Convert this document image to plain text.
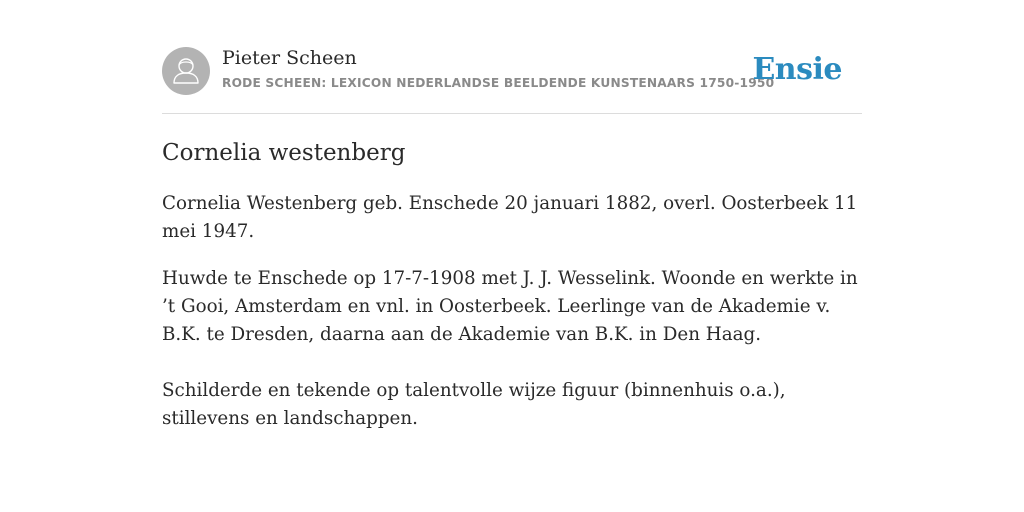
Pieter Scheen
RODE SCHEEN: LEXICON NEDERLANDSE BEELDENDE KUNSTENAARS 1750-1950
Ensie
Cornelia westenberg

Cornelia Westenberg geb. Enschede 20 januari 1882, overl. Oosterbeek 11 mei 1947.

Huwde te Enschede op 17-7-1908 met J. J. Wesselink. Woonde en werkte in ’t Gooi, Amsterdam en vnl. in Oosterbeek. Leerlinge van de Akademie v. B.K. te Dresden, daarna aan de Akademie van B.K. in Den Haag.

Schilderde en tekende op talentvolle wijze figuur (binnenhuis o.a.), stillevens en landschappen.
